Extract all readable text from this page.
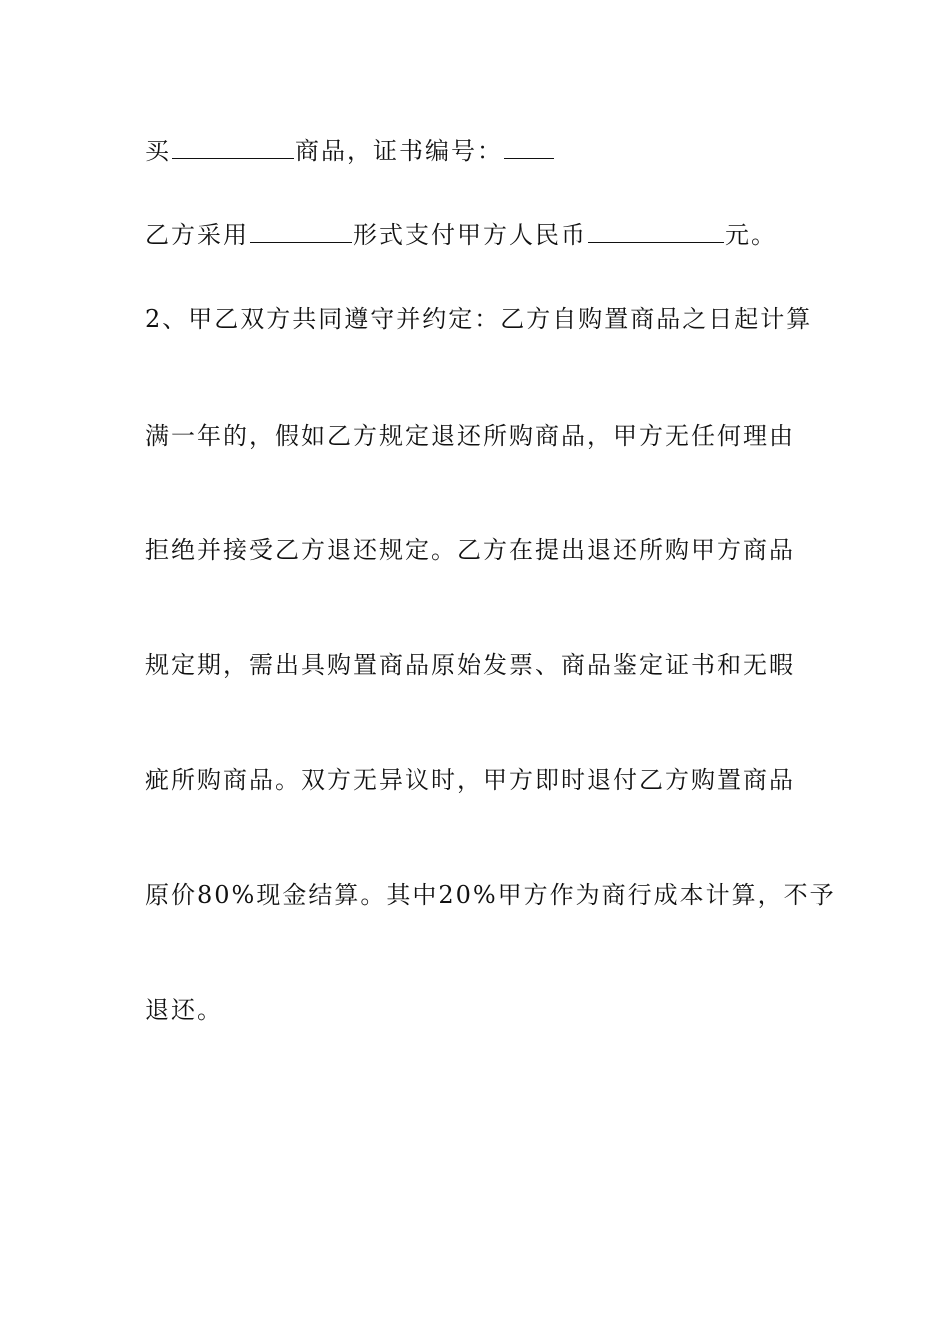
买	商品，证书编号：
乙方采用	形式支付甲方人民币	元。
2、甲乙双方共同遵守并约定：乙方自购置商品之日起计算
满一年的，假如乙方规定退还所购商品，甲方无任何理由
拒绝并接受乙方退还规定。乙方在提出退还所购甲方商品
规定期，需出具购置商品原始发票、商品鉴定证书和无暇
疵所购商品。双方无异议时，甲方即时退付乙方购置商品
原价80%现金结算。其中20%甲方作为商行成本计算，不予
退还。
